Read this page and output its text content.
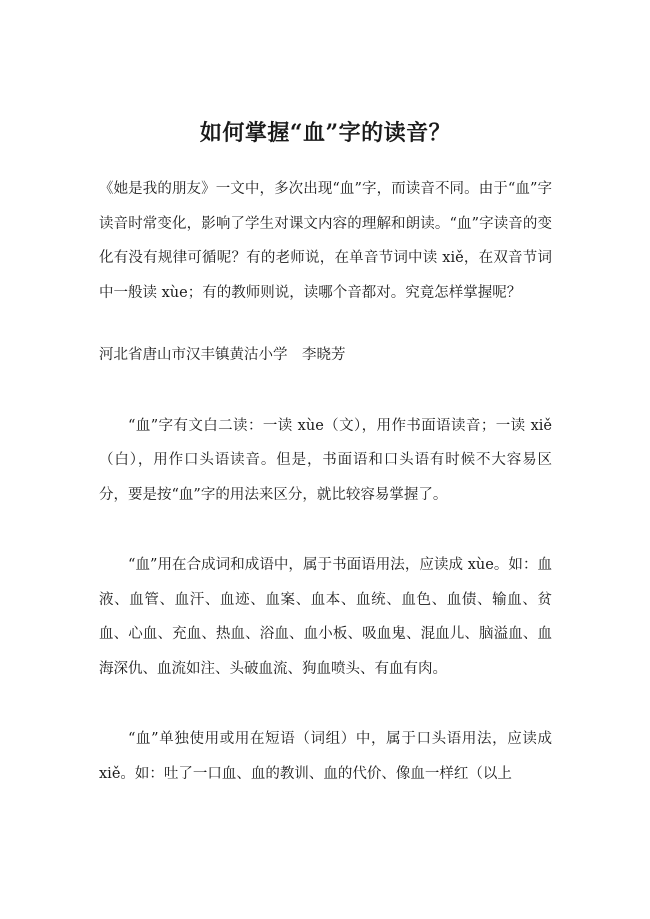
如何掌握“血”字的读音？

《她是我的朋友》一文中，多次出现“血”字，而读音不同。由于“血”字读音时常变化，影响了学生对课文内容的理解和朗读。“血”字读音的变化有没有规律可循呢？有的老师说，在单音节词中读 xiě，在双音节词中一般读 xùe；有的教师则说，读哪个音都对。究竟怎样掌握呢？

河北省唐山市汉丰镇黄沽小学　李晓芳

“血”字有文白二读：一读 xùe（文），用作书面语读音；一读 xiě（白），用作口头语读音。但是，书面语和口头语有时候不大容易区分，要是按“血”字的用法来区分，就比较容易掌握了。

“血”用在合成词和成语中，属于书面语用法，应读成 xùe。如：血液、血管、血汗、血迹、血案、血本、血统、血色、血债、输血、贫血、心血、充血、热血、浴血、血小板、吸血鬼、混血儿、脑溢血、血海深仇、血流如注、头破血流、狗血喷头、有血有肉。

“血”单独使用或用在短语（词组）中，属于口头语用法，应读成 xiě。如：吐了一口血、血的教训、血的代价、像血一样红（以上
